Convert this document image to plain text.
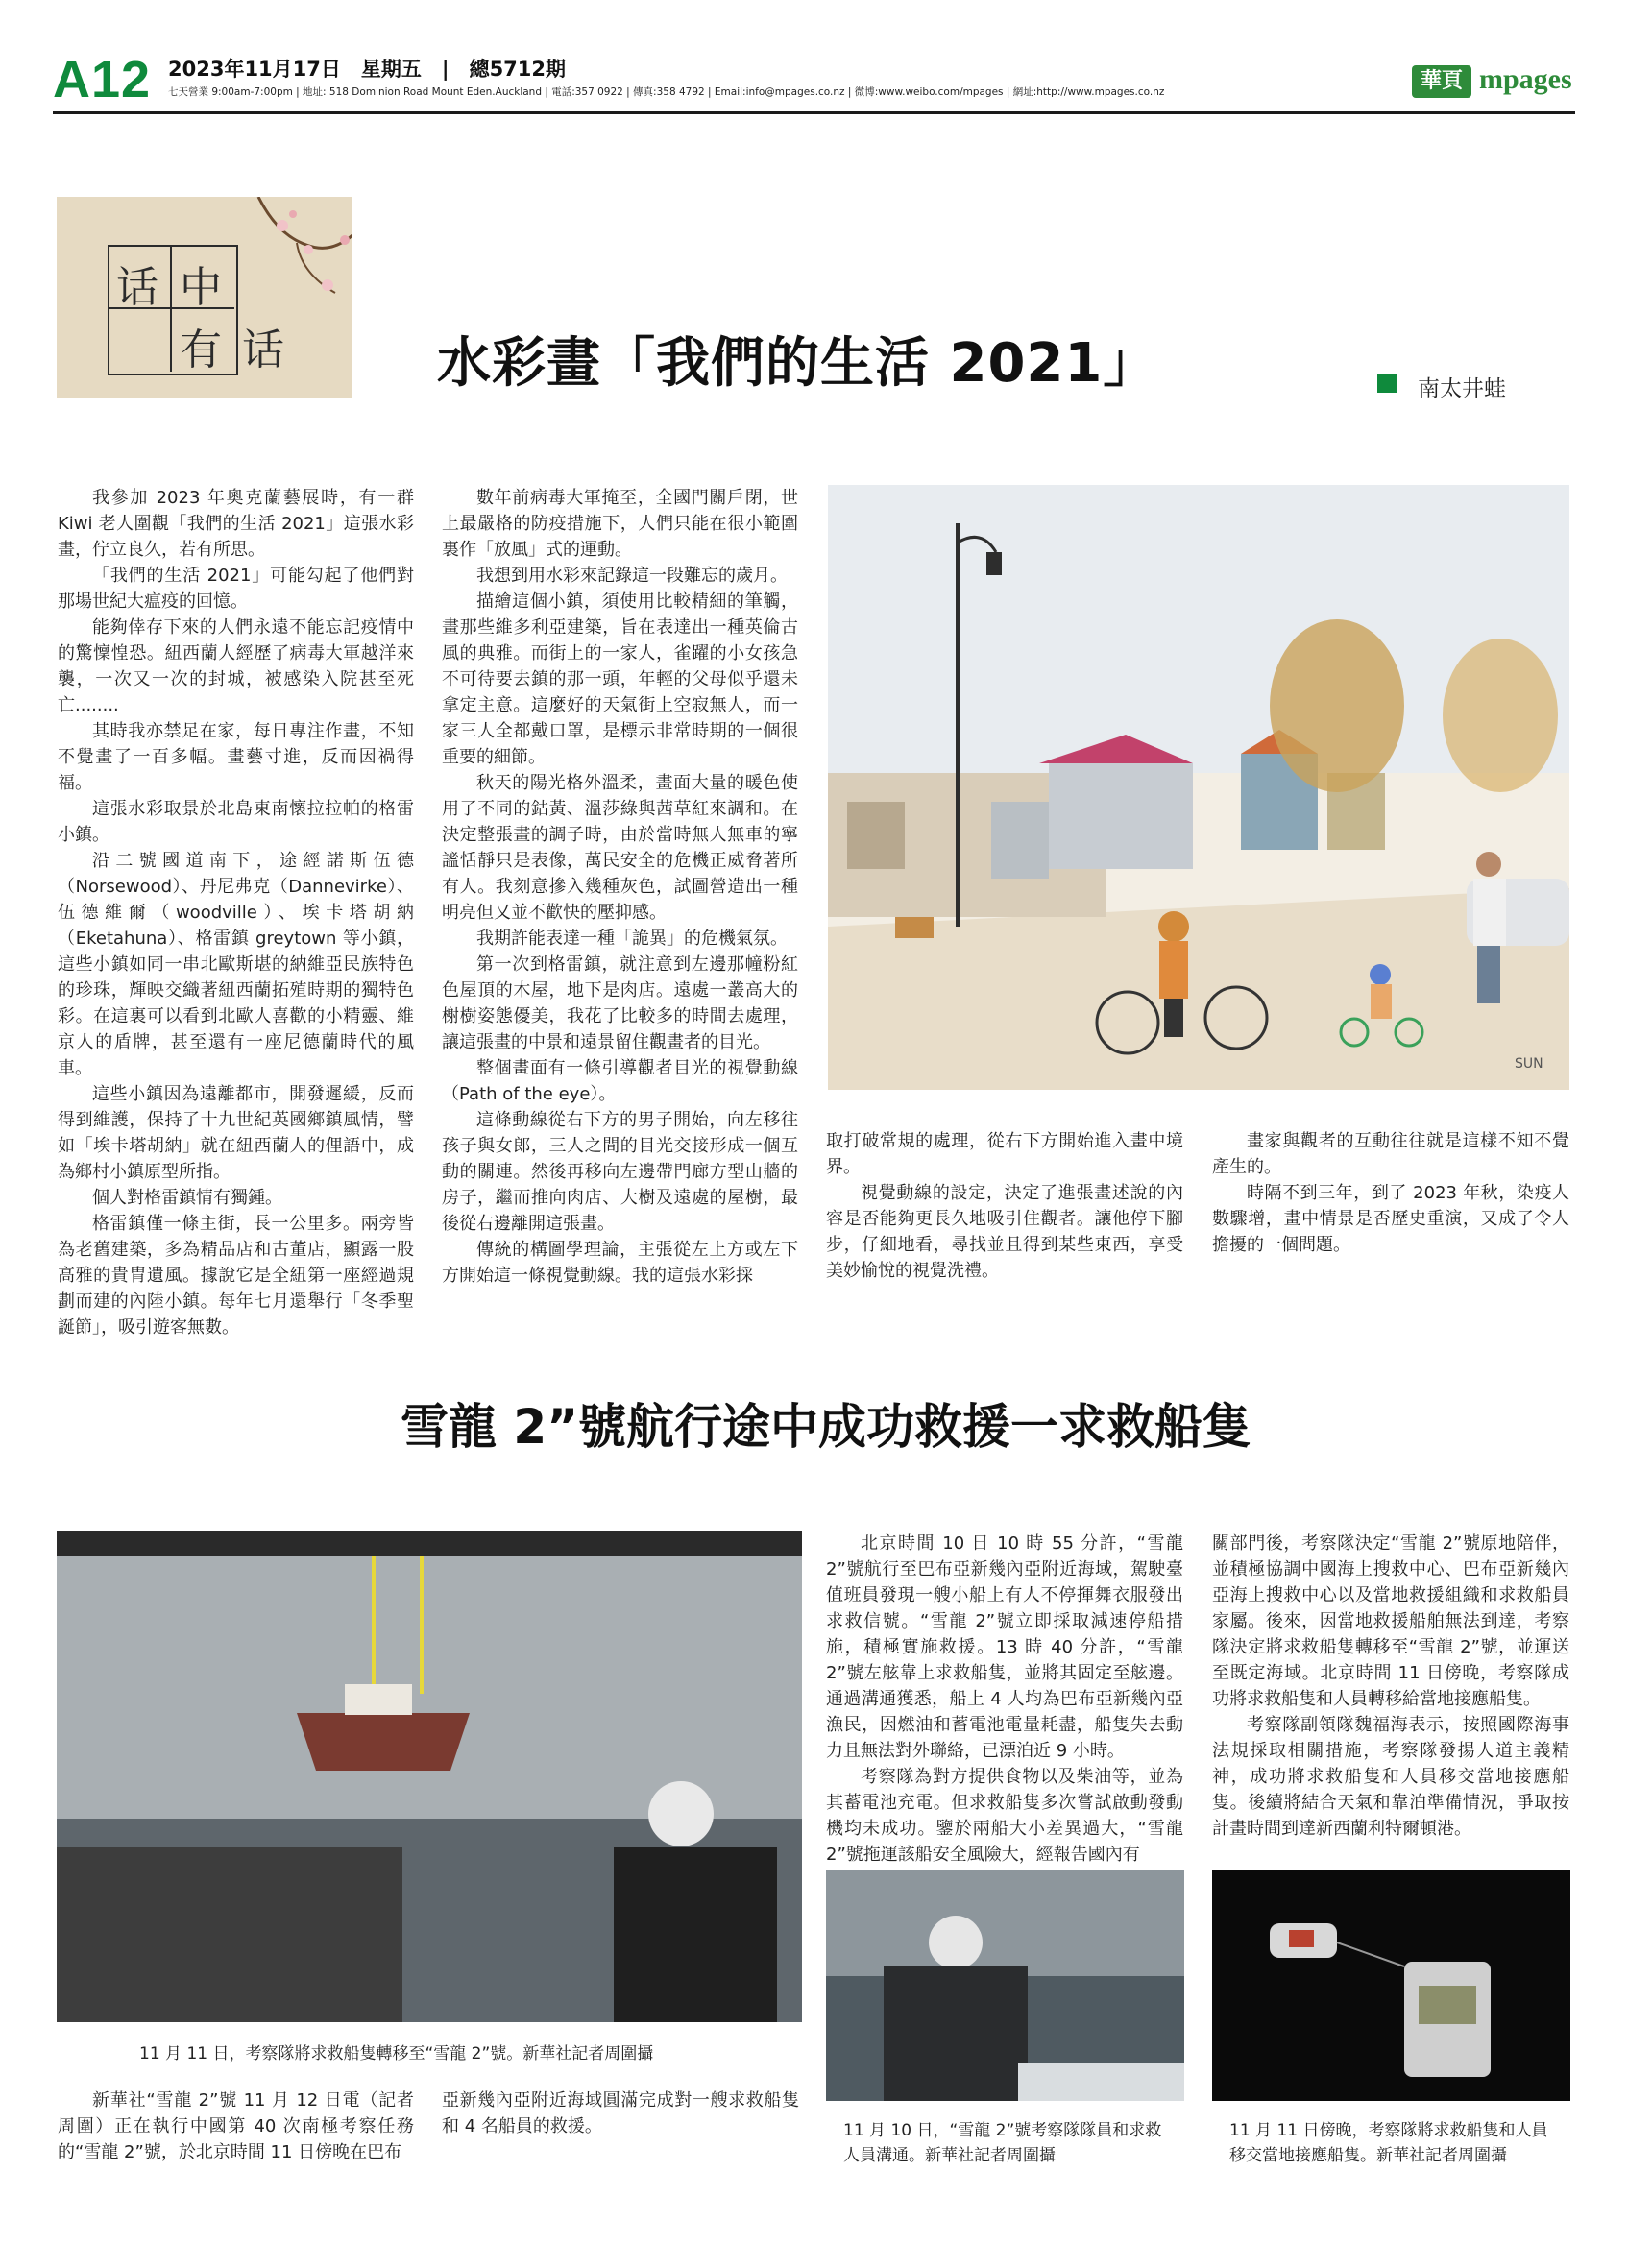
A12 2023年11月17日　星期五　|　總5712期
七天營業 9:00am-7:00pm | 地址: 518 Dominion Road Mount Eden.Auckland | 電話:357 0922 | 傳真:358 4792 | Email:info@mpages.co.nz | 微博:www.weibo.com/mpages | 網址:http://www.mpages.co.nz	華頁 mpages
话 中
有 话	水彩畫「我們的生活 2021」	南太井蛙

我參加 2023 年奧克蘭藝展時，有一群 Kiwi 老人圍觀「我們的生活 2021」這張水彩畫，佇立良久，若有所思。

「我們的生活 2021」可能勾起了他們對那場世紀大瘟疫的回憶。

能夠倖存下來的人們永遠不能忘記疫情中的驚懍惶恐。紐西蘭人經歷了病毒大軍越洋來襲，一次又一次的封城，被感染入院甚至死亡........

其時我亦禁足在家，每日專注作畫，不知不覺畫了一百多幅。畫藝寸進，反而因禍得福。

這張水彩取景於北島東南懷拉拉帕的格雷小鎮。

沿二號國道南下，途經諾斯伍德（Norsewood）、丹尼弗克（Dannevirke）、伍德維爾（woodville）、埃卡塔胡納（Eketahuna）、格雷鎮 greytown 等小鎮，這些小鎮如同一串北歐斯堪的納維亞民族特色的珍珠，輝映交織著紐西蘭拓殖時期的獨特色彩。在這裏可以看到北歐人喜歡的小精靈、維京人的盾牌，甚至還有一座尼德蘭時代的風車。

這些小鎮因為遠離都市，開發遲緩，反而得到維護，保持了十九世紀英國鄉鎮風情，譬如「埃卡塔胡納」就在紐西蘭人的俚語中，成為鄉村小鎮原型所指。

個人對格雷鎮情有獨鍾。

格雷鎮僅一條主街，長一公里多。兩旁皆為老舊建築，多為精品店和古董店，顯露一股高雅的貴胄遺風。據說它是全紐第一座經過規劃而建的內陸小鎮。每年七月還舉行「冬季聖誕節」，吸引遊客無數。

數年前病毒大軍掩至，全國門關戶閉，世上最嚴格的防疫措施下，人們只能在很小範圍裏作「放風」式的運動。

我想到用水彩來記錄這一段難忘的歲月。

描繪這個小鎮，須使用比較精細的筆觸，畫那些維多利亞建築，旨在表達出一種英倫古風的典雅。而街上的一家人，雀躍的小女孩急不可待要去鎮的那一頭，年輕的父母似乎還未拿定主意。這麼好的天氣街上空寂無人，而一家三人全都戴口罩，是標示非常時期的一個很重要的細節。

秋天的陽光格外溫柔，畫面大量的暖色使用了不同的鈷黃、溫莎綠與茜草紅來調和。在決定整張畫的調子時，由於當時無人無車的寧謐恬靜只是表像，萬民安全的危機正威脅著所有人。我刻意摻入幾種灰色，試圖營造出一種明亮但又並不歡快的壓抑感。

我期許能表達一種「詭異」的危機氣氛。

第一次到格雷鎮，就注意到左邊那幢粉紅色屋頂的木屋，地下是肉店。遠處一叢高大的榭樹姿態優美，我花了比較多的時間去處理，讓這張畫的中景和遠景留住觀畫者的目光。

整個畫面有一條引導觀者目光的視覺動線（Path of the eye）。

這條動線從右下方的男子開始，向左移往孩子與女郎，三人之間的目光交接形成一個互動的關連。然後再移向左邊帶門廊方型山牆的房子，繼而推向肉店、大樹及遠處的屋樹，最後從右邊離開這張畫。

傳統的構圖學理論，主張從左上方或左下方開始這一條視覺動線。我的這張水彩採

SUN

取打破常規的處理，從右下方開始進入畫中境界。

視覺動線的設定，決定了進張畫述說的內容是否能夠更長久地吸引住觀者。讓他停下腳步，仔細地看，尋找並且得到某些東西，享受美妙愉悅的視覺洗禮。

畫家與觀者的互動往往就是這樣不知不覺產生的。

時隔不到三年，到了 2023 年秋，染疫人數驟增，畫中情景是否歷史重演，又成了令人擔擾的一個問題。

雪龍 2”號航行途中成功救援一求救船隻
11 月 11 日，考察隊將求救船隻轉移至“雪龍 2”號。新華社記者周圍攝

新華社“雪龍 2”號 11 月 12 日電（記者周圍）正在執行中國第 40 次南極考察任務的“雪龍 2”號，於北京時間 11 日傍晚在巴布

亞新幾內亞附近海域圓滿完成對一艘求救船隻和 4 名船員的救援。

北京時間 10 日 10 時 55 分許，“雪龍 2”號航行至巴布亞新幾內亞附近海域，駕駛臺值班員發現一艘小船上有人不停揮舞衣服發出求救信號。“雪龍 2”號立即採取減速停船措施，積極實施救援。13 時 40 分許，“雪龍 2”號左舷靠上求救船隻，並將其固定至舷邊。通過溝通獲悉，船上 4 人均為巴布亞新幾內亞漁民，因燃油和蓄電池電量耗盡，船隻失去動力且無法對外聯絡，已漂泊近 9 小時。

考察隊為對方提供食物以及柴油等，並為其蓄電池充電。但求救船隻多次嘗試啟動發動機均未成功。鑒於兩船大小差異過大，“雪龍 2”號拖運該船安全風險大，經報告國內有

關部門後，考察隊決定“雪龍 2”號原地陪伴，並積極協調中國海上搜救中心、巴布亞新幾內亞海上搜救中心以及當地救援組織和求救船員家屬。後來，因當地救援船舶無法到達，考察隊決定將求救船隻轉移至“雪龍 2”號，並運送至既定海域。北京時間 11 日傍晚，考察隊成功將求救船隻和人員轉移給當地接應船隻。

考察隊副領隊魏福海表示，按照國際海事法規採取相關措施，考察隊發揚人道主義精神，成功將求救船隻和人員移交當地接應船隻。後續將結合天氣和靠泊準備情況，爭取按計畫時間到達新西蘭利特爾頓港。

11 月 10 日，“雪龍 2”號考察隊隊員和求救人員溝通。新華社記者周圍攝
11 月 11 日傍晚，考察隊將求救船隻和人員移交當地接應船隻。新華社記者周圍攝
